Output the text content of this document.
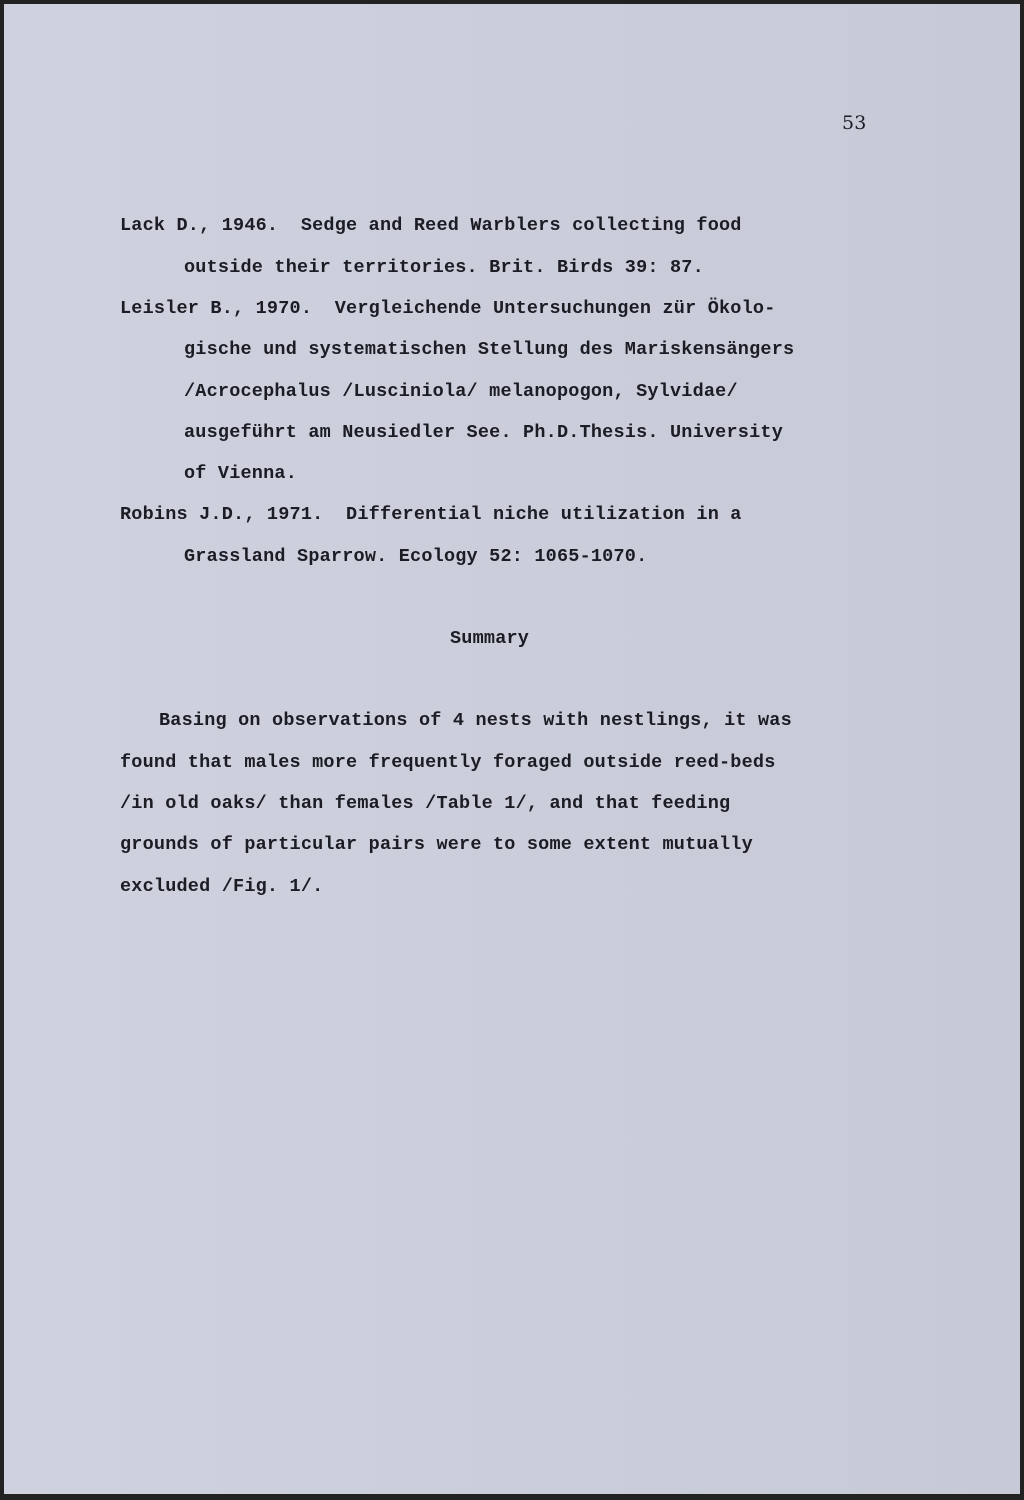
53
Lack D., 1946.  Sedge and Reed Warblers collecting food
outside their territories. Brit. Birds 39: 87.
Leisler B., 1970.  Vergleichende Untersuchungen zür Ökolo-
gische und systematischen Stellung des Mariskensängers
/Acrocephalus /Lusciniola/ melanopogon, Sylvidae/
ausgeführt am Neusiedler See. Ph.D.Thesis. University
of Vienna.
Robins J.D., 1971.  Differential niche utilization in a
Grassland Sparrow. Ecology 52: 1065-1070.
Summary
Basing on observations of 4 nests with nestlings, it was
found that males more frequently foraged outside reed-beds
/in old oaks/ than females /Table 1/, and that feeding
grounds of particular pairs were to some extent mutually
excluded /Fig. 1/.
